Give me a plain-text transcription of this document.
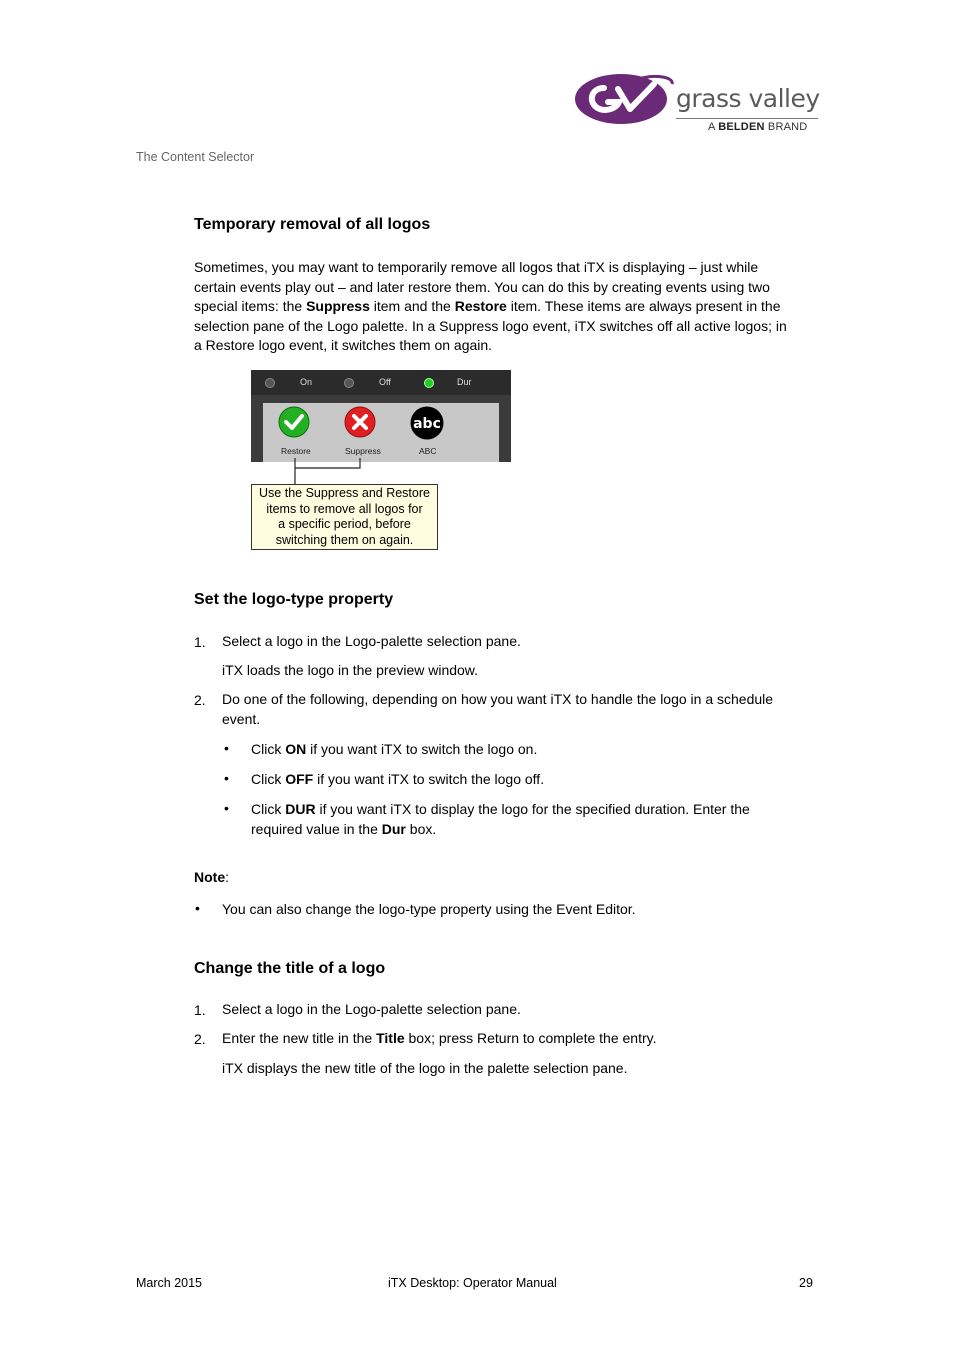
grass valley
A BELDEN BRAND
The Content Selector
Temporary removal of all logos
Sometimes, you may want to temporarily remove all logos that iTX is displaying – just while
certain events play out – and later restore them. You can do this by creating events using two
special items: the Suppress item and the Restore item. These items are always present in the
selection pane of the Logo palette. In a Suppress logo event, iTX switches off all active logos; in
a Restore logo event, it switches them on again.
On	Off	Dur
Restore	Suppress
abc
ABC
Use the Suppress and Restore
items to remove all logos for
a specific period, before
switching them on again.
Set the logo-type property
1. Select a logo in the Logo-palette selection pane.
iTX loads the logo in the preview window.
2. Do one of the following, depending on how you want iTX to handle the logo in a schedule
event.
• Click ON if you want iTX to switch the logo on.
• Click OFF if you want iTX to switch the logo off.
• Click DUR if you want iTX to display the logo for the specified duration. Enter the
required value in the Dur box.
Note:
• You can also change the logo-type property using the Event Editor.
Change the title of a logo
1. Select a logo in the Logo-palette selection pane.
2. Enter the new title in the Title box; press Return to complete the entry.
iTX displays the new title of the logo in the palette selection pane.
March 2015	iTX Desktop: Operator Manual	29
